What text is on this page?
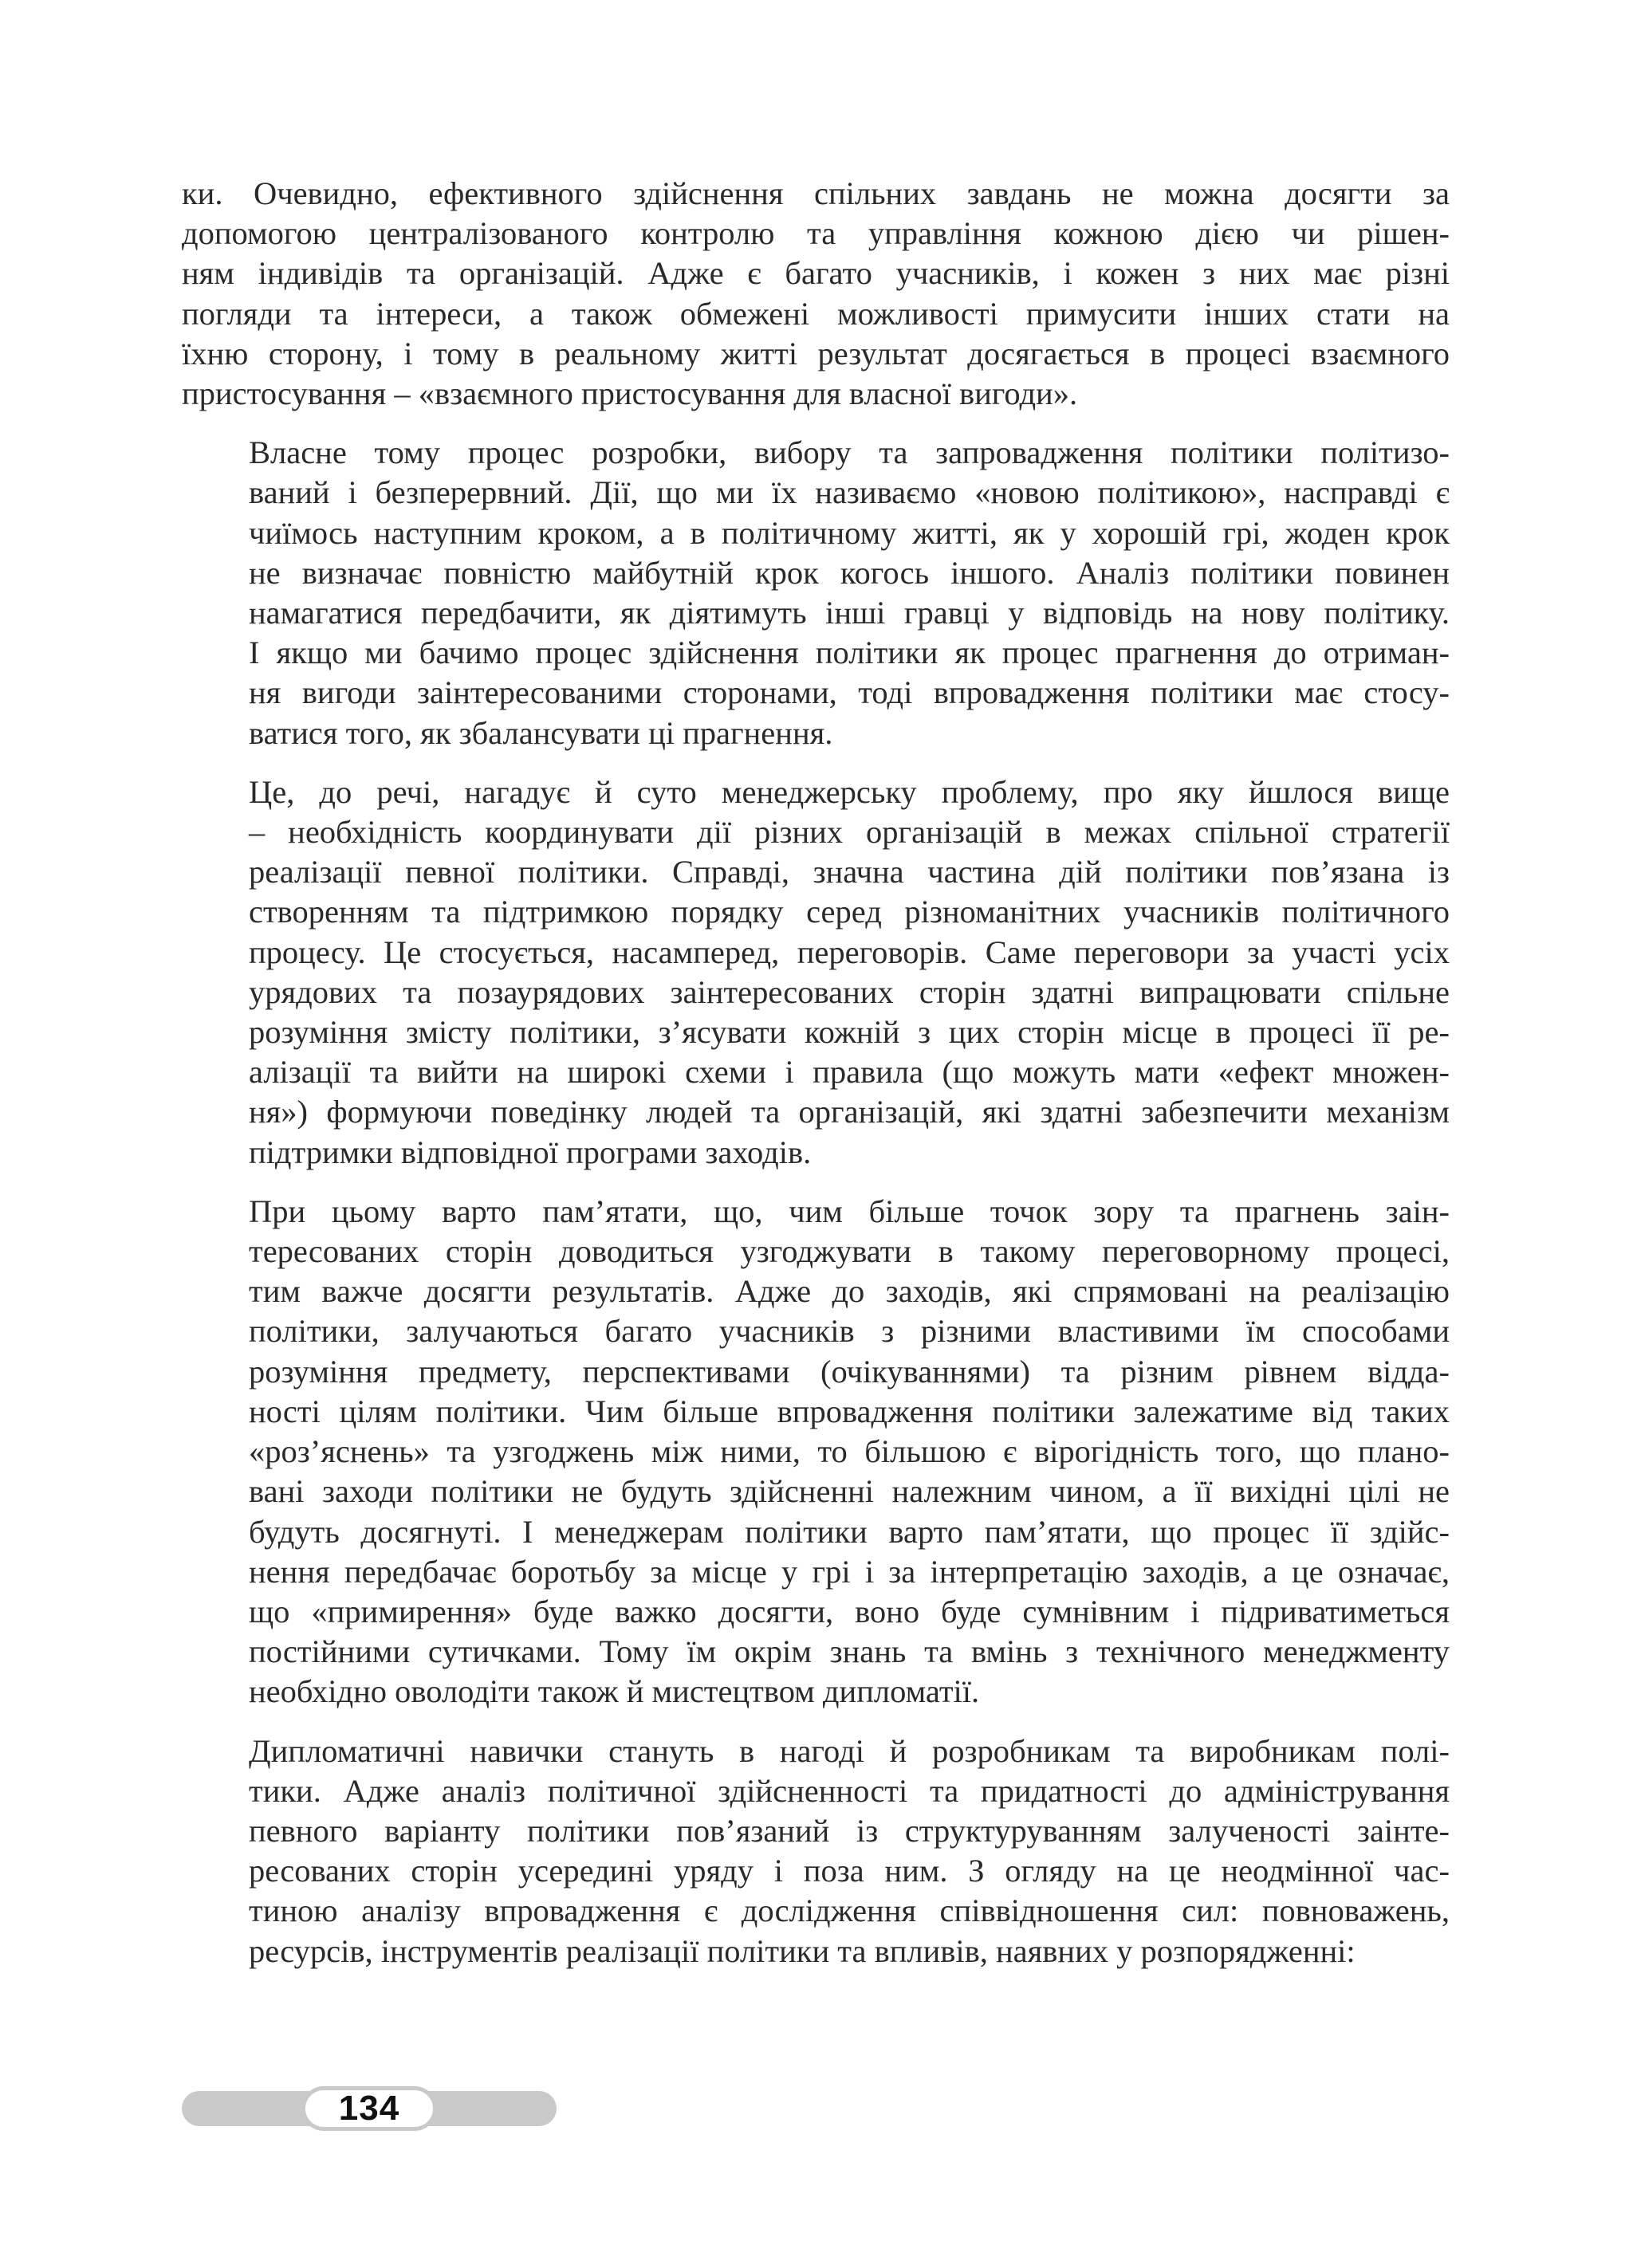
ки. Очевидно, ефективного здійснення спільних завдань не можна досягти за
допомогою централізованого контролю та управління кожною дією чи рішен-
ням індивідів та організацій. Адже є багато учасників, і кожен з них має різні
погляди та інтереси, а також обмежені можливості примусити інших стати на
їхню сторону, і тому в реальному житті результат досягається в процесі взаємного
пристосування – «взаємного пристосування для власної вигоди».

Власне тому процес розробки, вибору та запровадження політики політизо-
ваний і безперервний. Дії, що ми їх називаємо «новою політикою», насправді є
чиїмось наступним кроком, а в політичному житті, як у хорошій грі, жоден крок
не визначає повністю майбутній крок когось іншого. Аналіз політики повинен
намагатися передбачити, як діятимуть інші гравці у відповідь на нову політику.
І якщо ми бачимо процес здійснення політики як процес прагнення до отриман-
ня вигоди заінтересованими сторонами, тоді впровадження політики має стосу-
ватися того, як збалансувати ці прагнення.

Це, до речі, нагадує й суто менеджерську проблему, про яку йшлося вище
– необхідність координувати дії різних організацій в межах спільної стратегії
реалізації певної політики. Справді, значна частина дій політики пов’язана із
створенням та підтримкою порядку серед різноманітних учасників політичного
процесу. Це стосується, насамперед, переговорів. Саме переговори за участі усіх
урядових та позаурядових заінтересованих сторін здатні випрацювати спільне
розуміння змісту політики, з’ясувати кожній з цих сторін місце в процесі її ре-
алізації та вийти на широкі схеми і правила (що можуть мати «ефект множен-
ня») формуючи поведінку людей та організацій, які здатні забезпечити механізм
підтримки відповідної програми заходів.

При цьому варто пам’ятати, що, чим більше точок зору та прагнень заін-
тересованих сторін доводиться узгоджувати в такому переговорному процесі,
тим важче досягти результатів. Адже до заходів, які спрямовані на реалізацію
політики, залучаються багато учасників з різними властивими їм способами
розуміння предмету, перспективами (очікуваннями) та різним рівнем відда-
ності цілям політики. Чим більше впровадження політики залежатиме від таких
«роз’яснень» та узгоджень між ними, то більшою є вірогідність того, що плано-
вані заходи політики не будуть здійсненні належним чином, а її вихідні цілі не
будуть досягнуті. І менеджерам політики варто пам’ятати, що процес її здійс-
нення передбачає боротьбу за місце у грі і за інтерпретацію заходів, а це означає,
що «примирення» буде важко досягти, воно буде сумнівним і підриватиметься
постійними сутичками. Тому їм окрім знань та вмінь з технічного менеджменту
необхідно оволодіти також й мистецтвом дипломатії.

Дипломатичні навички стануть в нагоді й розробникам та виробникам полі-
тики. Адже аналіз політичної здійсненності та придатності до адміністрування
певного варіанту політики пов’язаний із структуруванням залученості заінте-
ресованих сторін усередині уряду і поза ним. З огляду на це неодмінної час-
тиною аналізу впровадження є дослідження співвідношення сил: повноважень,
ресурсів, інструментів реалізації політики та впливів, наявних у розпорядженні:

134
